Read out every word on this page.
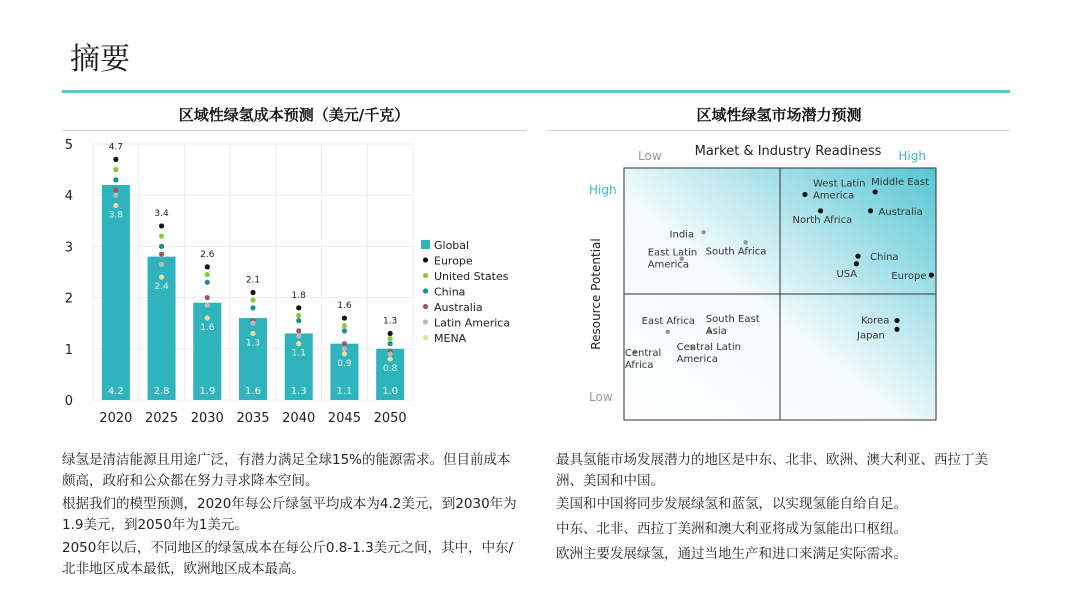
摘要
区域性绿氢成本预测（美元/千克）	区域性绿氢市场潜力预测
0
1
2
3
4
5
4.2
3.8
4.7
2020
2.8
2.4
3.4
2025
1.9
1.6
2.6
2030
1.6
1.3
2.1
2035
1.3
1.1
1.8
2040
1.1
0.9
1.6
2045
1.0
0.8
1.3
2050
Global
Europe
United States
China
Australia
Latin America
MENA
Market & Industry Readiness
Low	High
High
Low
Resource Potential
West Latin America
Middle East
North Africa
Australia
India
South Africa
East Latin America
China
USA	Europe
East Africa South East Asia
Central Latin America
Central Africa
Korea
Japan

绿氢是清洁能源且用途广泛，有潜力满足全球15%的能源需求。但目前成本颇高，政府和公众都在努力寻求降本空间。

根据我们的模型预测，2020年每公斤绿氢平均成本为4.2美元，到2030年为1.9美元，到2050年为1美元。

2050年以后，不同地区的绿氢成本在每公斤0.8-1.3美元之间，其中，中东/北非地区成本最低，欧洲地区成本最高。

最具氢能市场发展潜力的地区是中东、北非、欧洲、澳大利亚、西拉丁美洲、美国和中国。

美国和中国将同步发展绿氢和蓝氢，以实现氢能自给自足。

中东、北非、西拉丁美洲和澳大利亚将成为氢能出口枢纽。

欧洲主要发展绿氢，通过当地生产和进口来满足实际需求。
